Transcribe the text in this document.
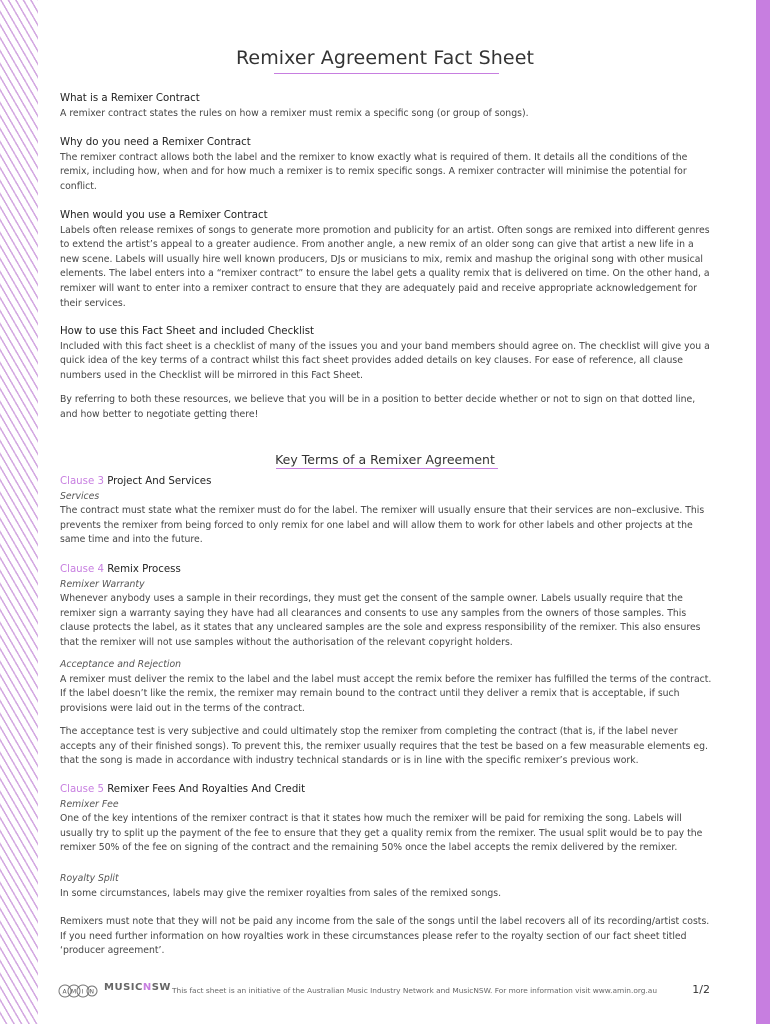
Remixer Agreement Fact Sheet
What is a Remixer Contract

A remixer contract states the rules on how a remixer must remix a specific song (or group of songs).

Why do you need a Remixer Contract

The remixer contract allows both the label and the remixer to know exactly what is required of them. It details all the conditions of the remix, including how, when and for how much a remixer is to remix specific songs. A remixer contracter will minimise the potential for conflict.

When would you use a Remixer Contract

Labels often release remixes of songs to generate more promotion and publicity for an artist. Often songs are remixed into different genres to extend the artist’s appeal to a greater audience. From another angle, a new remix of an older song can give that artist a new life in a new scene. Labels will usually hire well known producers, DJs or musicians to mix, remix and mashup the original song with other musical elements. The label enters into a “remixer contract” to ensure the label gets a quality remix that is delivered on time. On the other hand, a remixer will want to enter into a remixer contract to ensure that they are adequately paid and receive appropriate acknowledgement for their services.

How to use this Fact Sheet and included Checklist

Included with this fact sheet is a checklist of many of the issues you and your band members should agree on. The checklist will give you a quick idea of the key terms of a contract whilst this fact sheet provides added details on key clauses. For ease of reference, all clause numbers used in the Checklist will be mirrored in this Fact Sheet.

By referring to both these resources, we believe that you will be in a position to better decide whether or not to sign on that dotted line, and how better to negotiate getting there!

Key Terms of a Remixer Agreement
Clause 3 Project And Services
Services

The contract must state what the remixer must do for the label. The remixer will usually ensure that their services are non–exclusive. This prevents the remixer from being forced to only remix for one label and will allow them to work for other labels and other projects at the same time and into the future.

Clause 4 Remix Process
Remixer Warranty

Whenever anybody uses a sample in their recordings, they must get the consent of the sample owner. Labels usually require that the remixer sign a warranty saying they have had all clearances and consents to use any samples from the owners of those samples. This clause protects the label, as it states that any uncleared samples are the sole and express responsibility of the remixer. This also ensures that the remixer will not use samples without the authorisation of the relevant copyright holders.

Acceptance and Rejection

A remixer must deliver the remix to the label and the label must accept the remix before the remixer has fulfilled the terms of the contract. If the label doesn’t like the remix, the remixer may remain bound to the contract until they deliver a remix that is acceptable, if such provisions were laid out in the terms of the contract.

The acceptance test is very subjective and could ultimately stop the remixer from completing the contract (that is, if the label never accepts any of their finished songs). To prevent this, the remixer usually requires that the test be based on a few measurable elements eg. that the song is made in accordance with industry technical standards or is in line with the specific remixer’s previous work.

Clause 5 Remixer Fees And Royalties And Credit
Remixer Fee

One of the key intentions of the remixer contract is that it states how much the remixer will be paid for remixing the song. Labels will usually try to split up the payment of the fee to ensure that they get a quality remix from the remixer. The usual split would be to pay the remixer 50% of the fee on signing of the contract and the remaining 50% once the label accepts the remix delivered by the remixer.

Royalty Split

In some circumstances, labels may give the remixer royalties from sales of the remixed songs.

Remixers must note that they will not be paid any income from the sale of the songs until the label recovers all of its recording/artist costs. If you need further information on how royalties work in these circumstances please refer to the royalty section of our fact sheet titled ‘producer agreement’.

A M I N MUSICNSW This fact sheet is an initiative of the Australian Music Industry Network and MusicNSW. For more information visit www.amin.org.au	1/2
